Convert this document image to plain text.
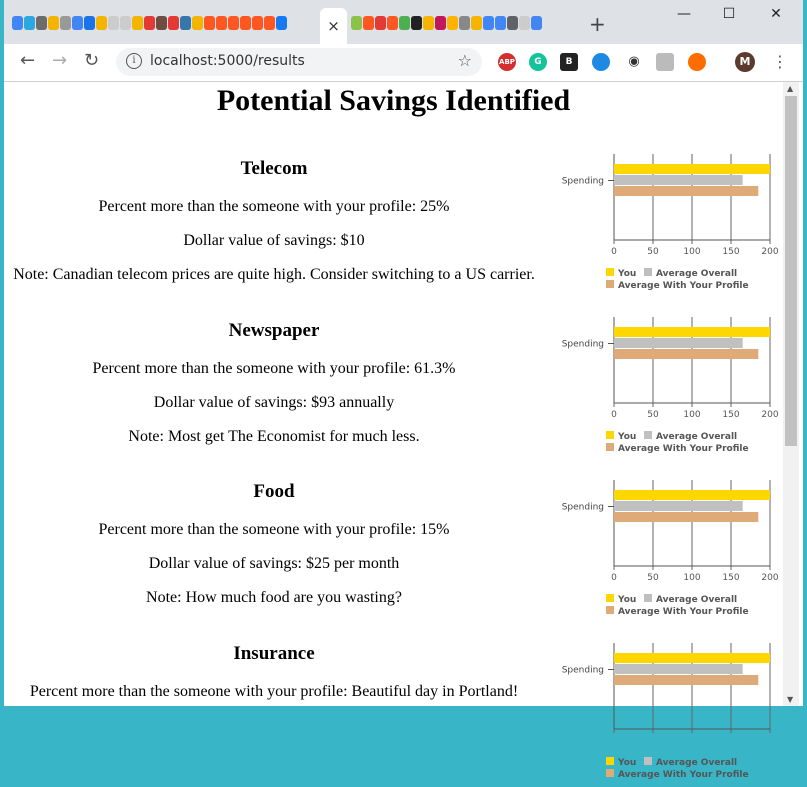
×	+	—	☐	✕
← → ↻	i	localhost:5000/results	☆	ABP	G	B	◉	M ⋮
Potential Savings Identified
Telecom

Percent more than the someone with your profile: 25%

Dollar value of savings: $10

Note: Canadian telecom prices are quite high. Consider switching to a US carrier.

0	50	100 150 200
Spending
You Average Overall
Average With Your Profile
Newspaper

Percent more than the someone with your profile: 61.3%

Dollar value of savings: $93 annually

Note: Most get The Economist for much less.

0	50	100 150 200
Spending
You Average Overall
Average With Your Profile
Food

Percent more than the someone with your profile: 15%

Dollar value of savings: $25 per month

Note: How much food are you wasting?

0	50	100 150 200
Spending
You Average Overall
Average With Your Profile
Insurance

Percent more than the someone with your profile: Beautiful day in Portland!

Spending
You Average Overall
Average With Your Profile
▲
▼
